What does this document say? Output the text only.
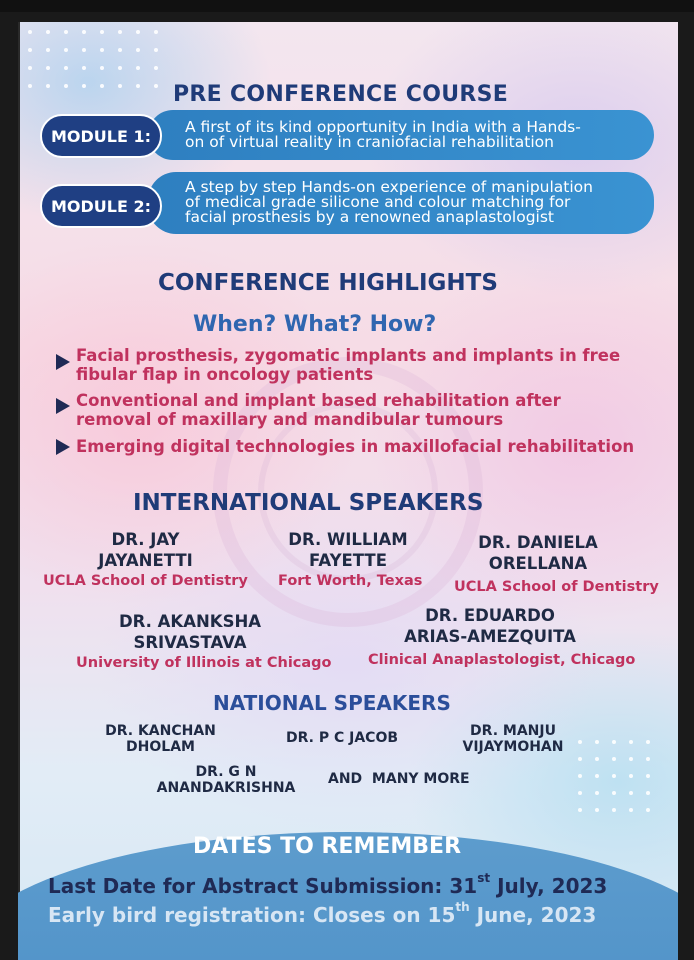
PRE CONFERENCE COURSE
A first of its kind opportunity in India with a Hands-
on of virtual reality in craniofacial rehabilitation
MODULE 1:
A step by step Hands-on experience of manipulation
of medical grade silicone and colour matching for
facial prosthesis by a renowned anaplastologist
MODULE 2:
CONFERENCE HIGHLIGHTS
When? What? How?
Facial prosthesis, zygomatic implants and implants in free
fibular flap in oncology patients
Conventional and implant based rehabilitation after
removal of maxillary and mandibular tumours
Emerging digital technologies in maxillofacial rehabilitation
INTERNATIONAL SPEAKERS
DR. JAY
JAYANETTI
UCLA School of Dentistry
DR. WILLIAM
FAYETTE
Fort Worth, Texas
DR. DANIELA
ORELLANA
UCLA School of Dentistry
DR. AKANKSHA
SRIVASTAVA
University of Illinois at Chicago
DR. EDUARDO
ARIAS-AMEZQUITA
Clinical Anaplastologist, Chicago
NATIONAL SPEAKERS
DR. KANCHAN
DHOLAM
DR. P C JACOB	DR. MANJU
VIJAYMOHAN
DR. G N
ANANDAKRISHNA
AND  MANY MORE
DATES TO REMEMBER
Last Date for Abstract Submission: 31st July, 2023
Early bird registration: Closes on 15th June, 2023
